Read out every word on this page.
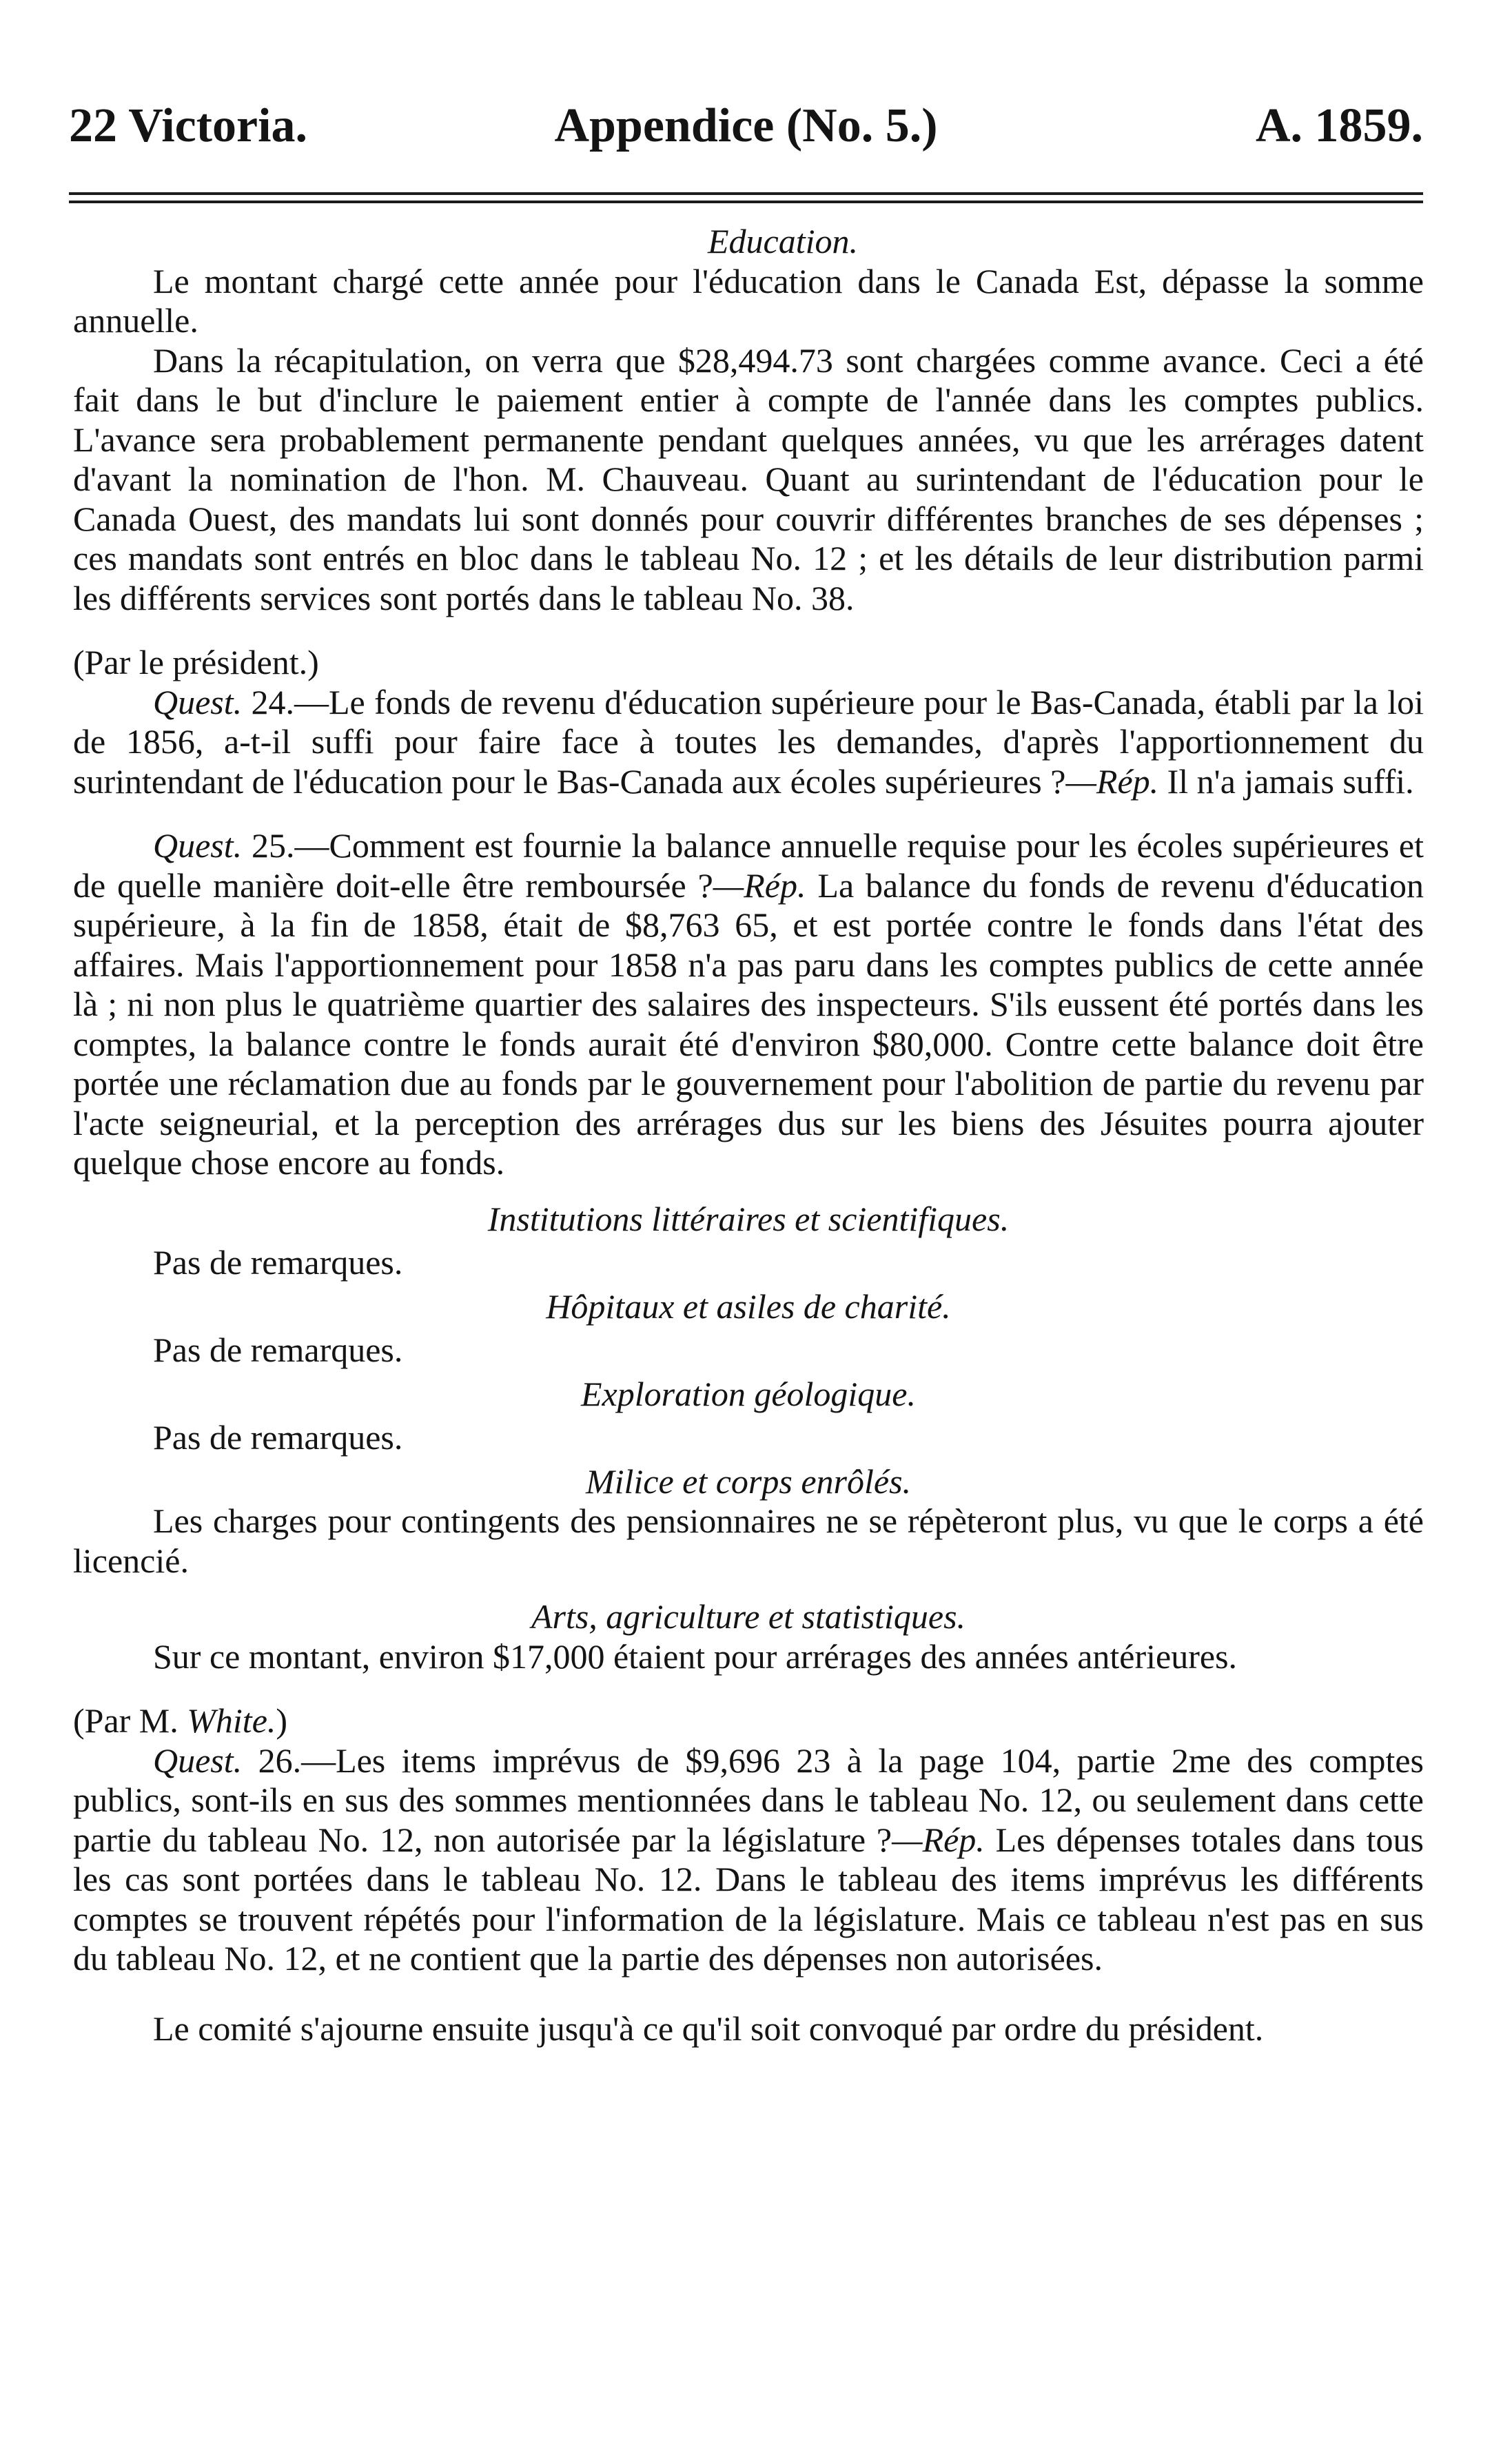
22 Victoria.	Appendice (No. 5.)	A. 1859.
Education.

Le montant chargé cette année pour l'éducation dans le Canada Est, dépasse la somme annuelle.

Dans la récapitulation, on verra que $28,494.73 sont chargées comme avance. Ceci a été fait dans le but d'inclure le paiement entier à compte de l'année dans les comptes publics. L'avance sera probablement permanente pendant quelques années, vu que les arrérages datent d'avant la nomination de l'hon. M. Chauveau. Quant au surintendant de l'éducation pour le Canada Ouest, des mandats lui sont donnés pour couvrir différentes branches de ses dépenses ; ces mandats sont entrés en bloc dans le tableau No. 12 ; et les détails de leur distribution parmi les différents services sont portés dans le tableau No. 38.

(Par le président.)

Quest. 24.—Le fonds de revenu d'éducation supérieure pour le Bas-Canada, établi par la loi de 1856, a-t-il suffi pour faire face à toutes les demandes, d'après l'apportionnement du surintendant de l'éducation pour le Bas-Canada aux écoles supérieures ?—Rép. Il n'a jamais suffi.

Quest. 25.—Comment est fournie la balance annuelle requise pour les écoles supérieures et de quelle manière doit-elle être remboursée ?—Rép. La balance du fonds de revenu d'éducation supérieure, à la fin de 1858, était de $8,763 65, et est portée contre le fonds dans l'état des affaires. Mais l'apportionnement pour 1858 n'a pas paru dans les comptes publics de cette année là ; ni non plus le quatrième quartier des salaires des inspecteurs. S'ils eussent été portés dans les comptes, la balance contre le fonds aurait été d'environ $80,000. Contre cette balance doit être portée une réclamation due au fonds par le gouvernement pour l'abolition de partie du revenu par l'acte seigneurial, et la perception des arrérages dus sur les biens des Jésuites pourra ajouter quelque chose encore au fonds.

Institutions littéraires et scientifiques.

Pas de remarques.

Hôpitaux et asiles de charité.

Pas de remarques.

Exploration géologique.

Pas de remarques.

Milice et corps enrôlés.

Les charges pour contingents des pensionnaires ne se répèteront plus, vu que le corps a été licencié.

Arts, agriculture et statistiques.

Sur ce montant, environ $17,000 étaient pour arrérages des années antérieures.

(Par M. White.)

Quest. 26.—Les items imprévus de $9,696 23 à la page 104, partie 2me des comptes publics, sont-ils en sus des sommes mentionnées dans le tableau No. 12, ou seulement dans cette partie du tableau No. 12, non autorisée par la législature ?—Rép. Les dépenses totales dans tous les cas sont portées dans le tableau No. 12. Dans le tableau des items imprévus les différents comptes se trouvent répétés pour l'information de la législature. Mais ce tableau n'est pas en sus du tableau No. 12, et ne contient que la partie des dépenses non autorisées.

Le comité s'ajourne ensuite jusqu'à ce qu'il soit convoqué par ordre du président.
